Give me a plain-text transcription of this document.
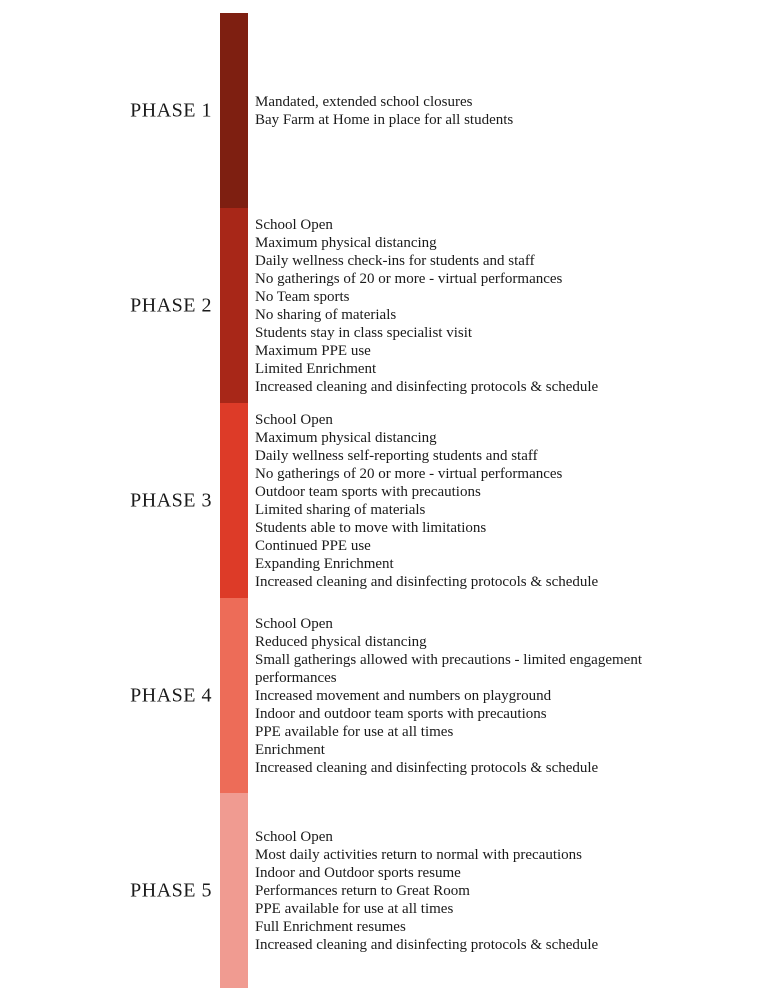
PHASE 1	Mandated, extended school closures
Bay Farm at Home in place for all students
PHASE 2
School Open
Maximum physical distancing
Daily wellness check-ins for students and staff
No gatherings of 20 or more - virtual performances
No Team sports
No sharing of materials
Students stay in class specialist visit
Maximum PPE use
Limited Enrichment
Increased cleaning and disinfecting protocols & schedule
PHASE 3
School Open
Maximum physical distancing
Daily wellness self-reporting students and staff
No gatherings of 20 or more - virtual performances
Outdoor team sports with precautions
Limited sharing of materials
Students able to move with limitations
Continued PPE use
Expanding Enrichment
Increased cleaning and disinfecting protocols & schedule
PHASE 4
School Open
Reduced physical distancing
Small gatherings allowed with precautions - limited engagement performances
Increased movement and numbers on playground
Indoor and outdoor team sports with precautions
PPE available for use at all times
Enrichment
Increased cleaning and disinfecting protocols & schedule
PHASE 5
School Open
Most daily activities return to normal with precautions
Indoor and Outdoor sports resume
Performances return to Great Room
PPE available for use at all times
Full Enrichment resumes
Increased cleaning and disinfecting protocols & schedule
